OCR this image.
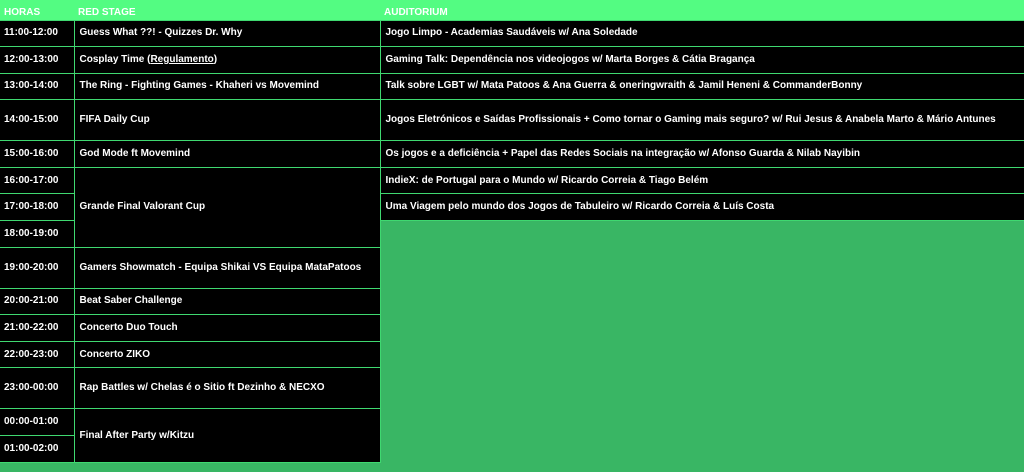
HORAS	RED STAGE	AUDITORIUM
11:00-12:00	Guess What ??! - Quizzes Dr. Why	Jogo Limpo - Academias Saudáveis w/ Ana Soledade
12:00-13:00	Cosplay Time (Regulamento)	Gaming Talk: Dependência nos videojogos w/ Marta Borges & Cátia Bragança
13:00-14:00	The Ring - Fighting Games - Khaheri vs Movemind	Talk sobre LGBT w/ Mata Patoos & Ana Guerra & oneringwraith & Jamil Heneni & CommanderBonny
14:00-15:00	FIFA Daily Cup	Jogos Eletrónicos e Saídas Profissionais + Como tornar o Gaming mais seguro? w/ Rui Jesus & Anabela Marto & Mário Antunes
15:00-16:00	God Mode ft Movemind	Os jogos e a deficiência + Papel das Redes Sociais na integração w/ Afonso Guarda & Nilab Nayibin
16:00-17:00	Grande Final Valorant Cup	IndieX: de Portugal para o Mundo w/ Ricardo Correia & Tiago Belém
17:00-18:00		Uma Viagem pelo mundo dos Jogos de Tabuleiro w/ Ricardo Correia & Luís Costa
18:00-19:00		
19:00-20:00	Gamers Showmatch - Equipa Shikai VS Equipa MataPatoos	
20:00-21:00	Beat Saber Challenge	
21:00-22:00	Concerto Duo Touch	
22:00-23:00	Concerto ZIKO	
23:00-00:00	Rap Battles w/ Chelas é o Sitio ft Dezinho & NECXO	
00:00-01:00	Final After Party w/Kitzu	
01:00-02:00		
